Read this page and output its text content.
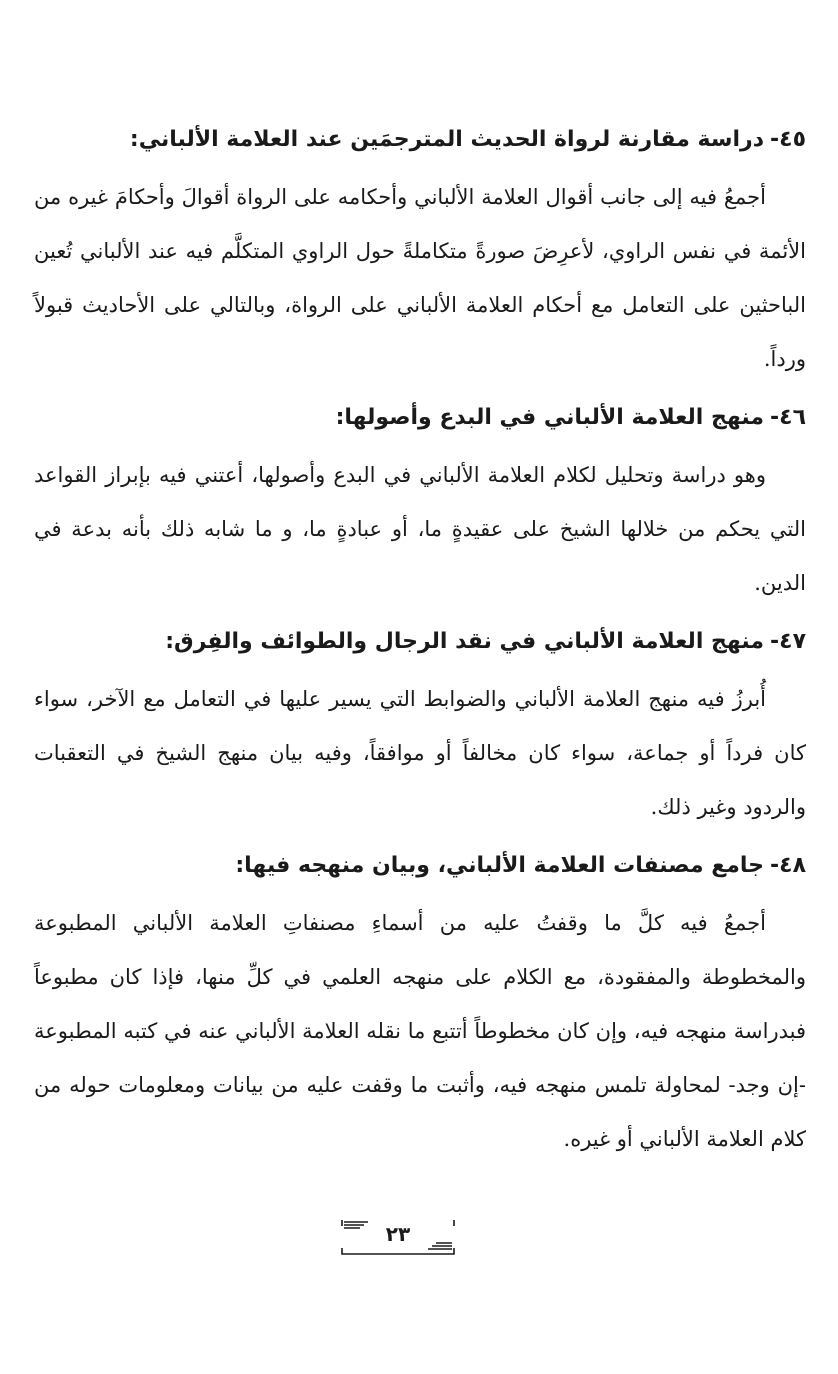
٤٥-دراسة مقارنة لرواة الحديث المترجمَين عند العلامة الألباني:

أجمعُ فيه إلى جانب أقوال العلامة الألباني وأحكامه على الرواة أقوالَ وأحكامَ غيره من الأئمة في نفس الراوي، لأعرِضَ صورةً متكاملةً حول الراوي المتكلَّم فيه عند الألباني تُعين الباحثين على التعامل مع أحكام العلامة الألباني على الرواة، وبالتالي على الأحاديث قبولاً ورداً.

٤٦-منهج العلامة الألباني في البدع وأصولها:

وهو دراسة وتحليل لكلام العلامة الألباني في البدع وأصولها، أعتني فيه بإبراز القواعد التي يحكم من خلالها الشيخ على عقيدةٍ ما، أو عبادةٍ ما، و ما شابه ذلك بأنه بدعة في الدين.

٤٧-منهج العلامة الألباني في نقد الرجال والطوائف والفِرق:

أُبرزُ فيه منهج العلامة الألباني والضوابط التي يسير عليها في التعامل مع الآخر، سواء كان فرداً أو جماعة، سواء كان مخالفاً أو موافقاً، وفيه بيان منهج الشيخ في التعقبات والردود وغير ذلك.

٤٨-جامع مصنفات العلامة الألباني، وبيان منهجه فيها:

أجمعُ فيه كلَّ ما وقفتُ عليه من أسماءِ مصنفاتِ العلامة الألباني المطبوعة والمخطوطة والمفقودة، مع الكلام على منهجه العلمي في كلِّ منها، فإذا كان مطبوعاً فبدراسة منهجه فيه، وإن كان مخطوطاً أتتبع ما نقله العلامة الألباني عنه في كتبه المطبوعة -إن وجد- لمحاولة تلمس منهجه فيه، وأثبت ما وقفت عليه من بيانات ومعلومات حوله من كلام العلامة الألباني أو غيره.

٢٣
